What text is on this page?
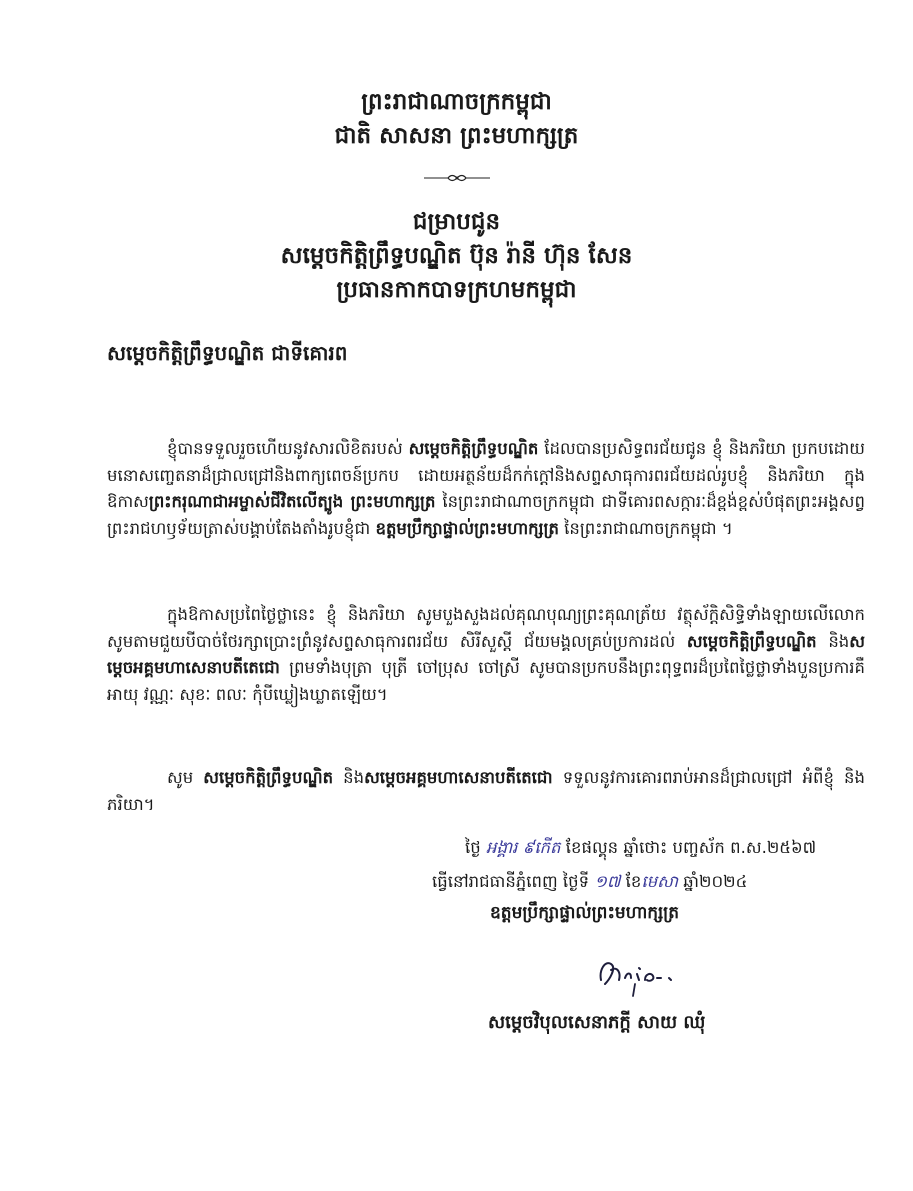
ព្រះរាជាណាចក្រកម្ពុជា
ជាតិ សាសនា ព្រះមហាក្សត្រ
ជម្រាបជូន
សម្តេចកិត្តិព្រឹទ្ធបណ្ឌិត ប៊ុន រ៉ានី ហ៊ុន សែន
ប្រធានកាកបាទក្រហមកម្ពុជា
សម្តេចកិត្តិព្រឹទ្ធបណ្ឌិត ជាទីគោរព
ខ្ញុំបានទទួលរួចហើយនូវសារលិខិតរបស់ សម្តេចកិត្តិព្រឹទ្ធបណ្ឌិត ដែលបានប្រសិទ្ធពរជ័យជូន ខ្ញុំ និងភរិយា ប្រកបដោយមនោសញ្ចេតនាដ៏ជ្រាលជ្រៅនិងពាក្យពេចន៍ប្រកប ដោយអត្ថន័យដ៏កក់ក្ដៅនិងសព្ទសាធុការពរជ័យដល់រូបខ្ញុំ និងភរិយា ក្នុងឱកាសព្រះករុណាជាអម្ចាស់ជីវិតលើត្បូង ព្រះមហាក្សត្រ នៃព្រះរាជាណាចក្រកម្ពុជា ជាទីគោរពសក្ការៈដ៏ខ្ពង់ខ្ពស់បំផុតព្រះអង្គសព្វព្រះរាជហឫទ័យត្រាស់បង្គាប់តែងតាំងរូបខ្ញុំជា ឧត្តមប្រឹក្សាផ្ទាល់ព្រះមហាក្សត្រ នៃព្រះរាជាណាចក្រកម្ពុជា ។
ក្នុងឱកាសប្រពៃថ្ងៃថ្លានេះ ខ្ញុំ និងភរិយា សូមបួងសួងដល់គុណបុណ្យព្រះគុណត្រ័យ វត្ថុស័ក្តិសិទ្ធិទាំងឡាយលើលោក សូមតាមជួយបីបាច់ថែរក្សាប្រោះព្រំនូវសព្ទសាធុការពរជ័យ សិរីសួស្ដី ជ័យមង្គលគ្រប់ប្រការដល់ សម្តេចកិត្តិព្រឹទ្ធបណ្ឌិត និងសម្តេចអគ្គមហាសេនាបតីតេជោ ព្រមទាំងបុត្រា បុត្រី ចៅប្រុស ចៅស្រី សូមបានប្រកបនឹងព្រះពុទ្ធពរដ៏ប្រពៃថ្លៃថ្លាទាំងបួនប្រការគឺ អាយុ វណ្ណៈ សុខៈ ពលៈ កុំបីឃ្លៀងឃ្លាតឡើយ។
សូម សម្តេចកិត្តិព្រឹទ្ធបណ្ឌិត និងសម្តេចអគ្គមហាសេនាបតីតេជោ ទទួលនូវការគោរពរាប់អានដ៏ជ្រាលជ្រៅ អំពីខ្ញុំ និងភរិយា។
ថ្ងៃ អង្គារ ៩កេីត ខែផល្គុន ឆ្នាំថោះ បញ្ចស័ក ព.ស.២៥៦៧
ធ្វើនៅរាជធានីភ្នំពេញ ថ្ងៃទី ១៧ ខែមេសា ឆ្នាំ២០២៤
ឧត្តមប្រឹក្សាផ្ទាល់ព្រះមហាក្សត្រ
សម្តេចវិបុលសេនាភក្ដី សាយ ឈុំ
